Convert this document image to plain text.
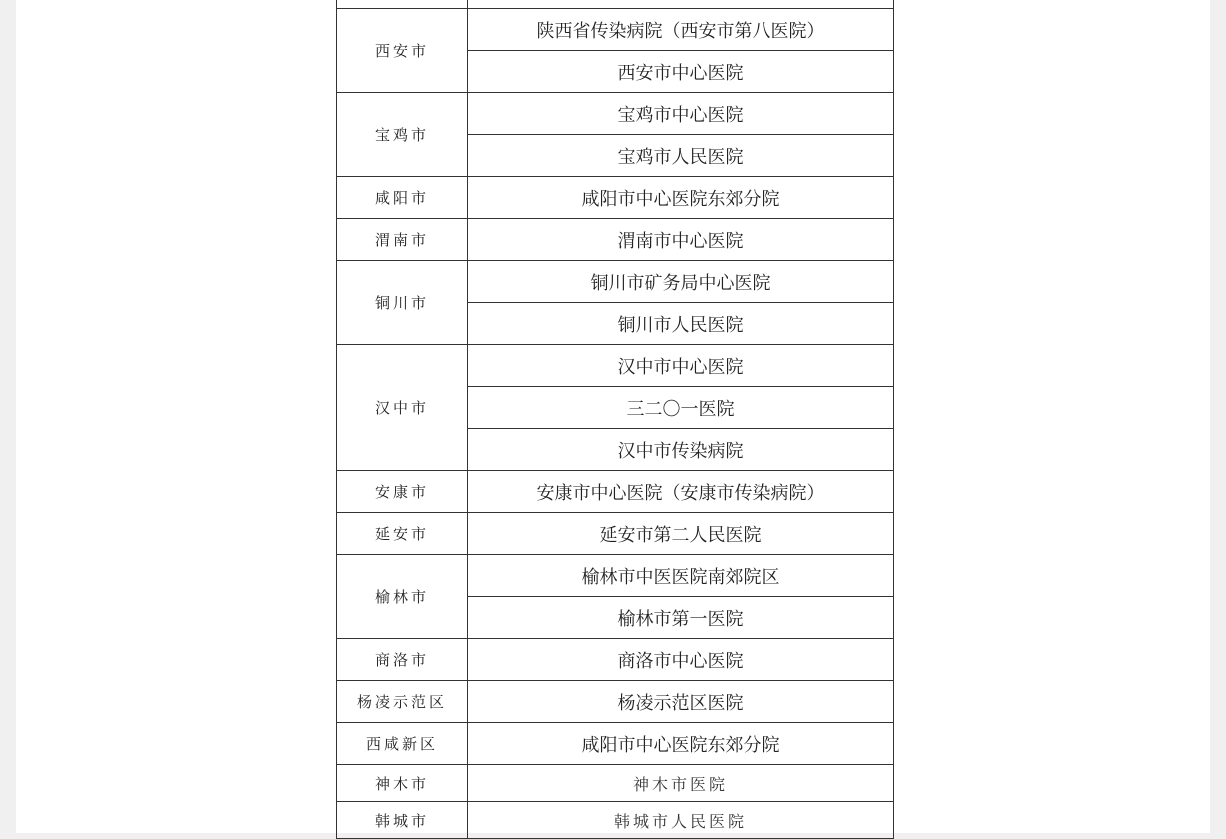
西安市	陕西省传染病院（西安市第八医院）
	西安市中心医院
宝鸡市	宝鸡市中心医院
	宝鸡市人民医院
咸阳市	咸阳市中心医院东郊分院
渭南市	渭南市中心医院
铜川市	铜川市矿务局中心医院
	铜川市人民医院
汉中市	汉中市中心医院
	三二〇一医院
	汉中市传染病院
安康市	安康市中心医院（安康市传染病院）
延安市	延安市第二人民医院
榆林市	榆林市中医医院南郊院区
	榆林市第一医院
商洛市	商洛市中心医院
杨凌示范区	杨凌示范区医院
西咸新区	咸阳市中心医院东郊分院
神木市	神木市医院
韩城市	韩城市人民医院
